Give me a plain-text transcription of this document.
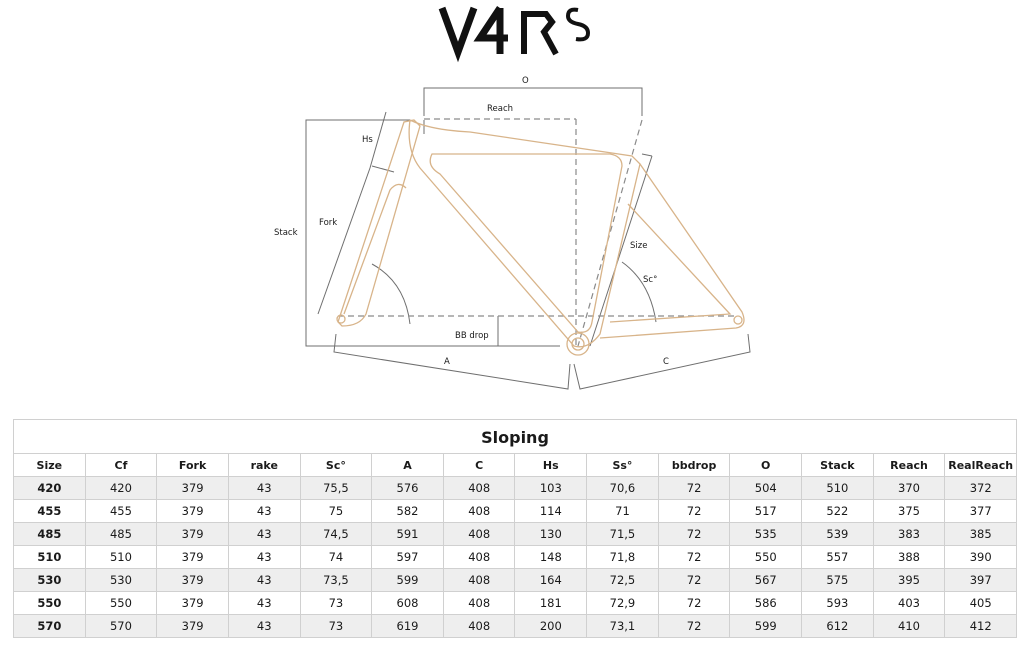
O
Reach
Hs
Stack
Fork
Size
Sc°
BB drop
A	C
Sloping
Size	Cf	Fork	rake	Sc°	A	C	Hs	Ss°	bbdrop	O	Stack	Reach	RealReach
420	420	379	43	75,5	576	408	103	70,6	72	504	510	370	372
455	455	379	43	75	582	408	114	71	72	517	522	375	377
485	485	379	43	74,5	591	408	130	71,5	72	535	539	383	385
510	510	379	43	74	597	408	148	71,8	72	550	557	388	390
530	530	379	43	73,5	599	408	164	72,5	72	567	575	395	397
550	550	379	43	73	608	408	181	72,9	72	586	593	403	405
570	570	379	43	73	619	408	200	73,1	72	599	612	410	412
